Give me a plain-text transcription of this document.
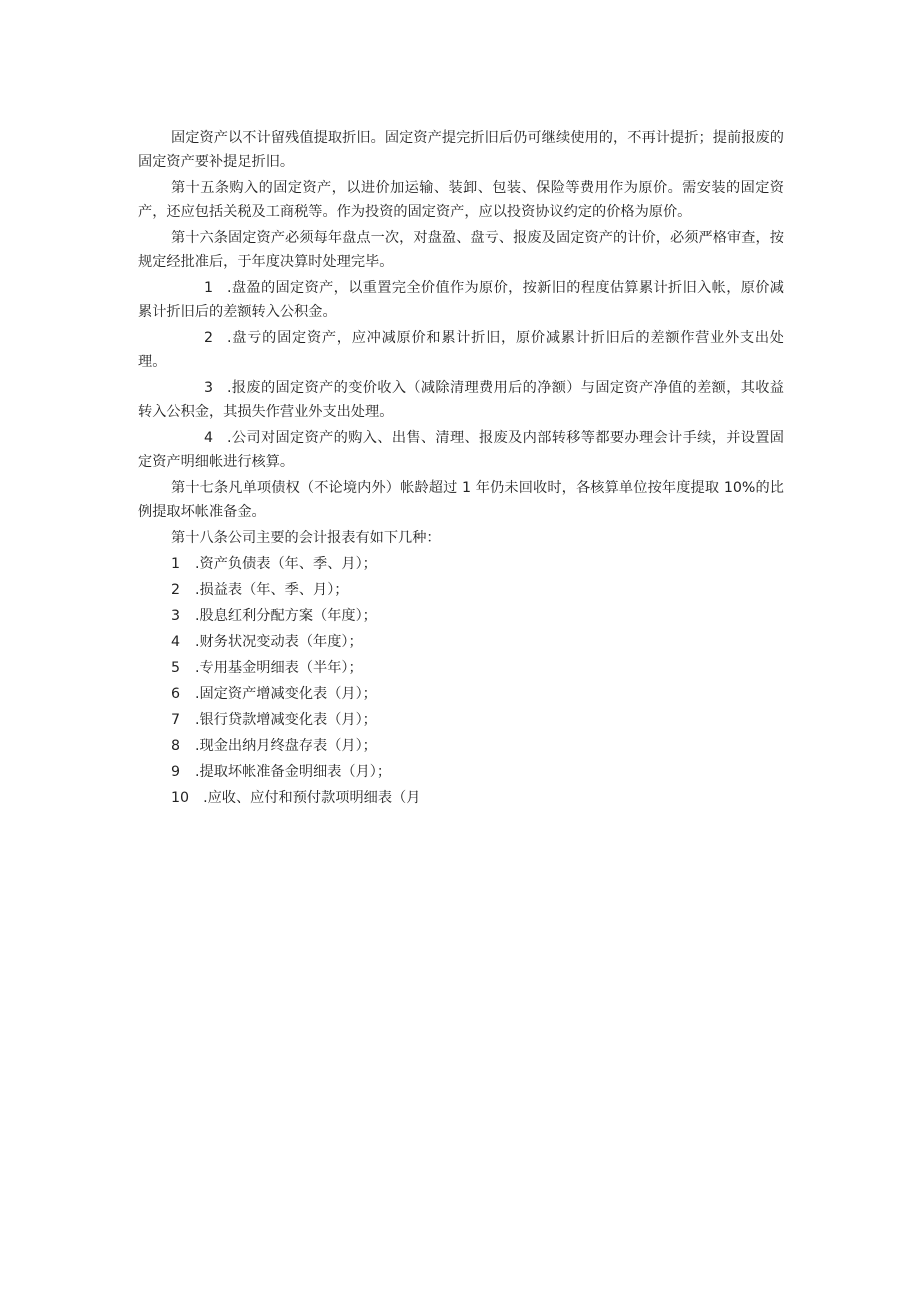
固定资产以不计留残值提取折旧。固定资产提完折旧后仍可继续使用的，不再计提折；提前报废的固定资产要补提足折旧。

第十五条购入的固定资产，以进价加运输、装卸、包装、保险等费用作为原价。需安装的固定资产，还应包括关税及工商税等。作为投资的固定资产，应以投资协议约定的价格为原价。

第十六条固定资产必须每年盘点一次，对盘盈、盘亏、报废及固定资产的计价，必须严格审查，按规定经批准后，于年度决算时处理完毕。

1 .盘盈的固定资产，以重置完全价值作为原价，按新旧的程度估算累计折旧入帐，原价减累计折旧后的差额转入公积金。

2 .盘亏的固定资产，应冲减原价和累计折旧，原价减累计折旧后的差额作营业外支出处理。

3 .报废的固定资产的变价收入（减除清理费用后的净额）与固定资产净值的差额，其收益转入公积金，其损失作营业外支出处理。

4 .公司对固定资产的购入、出售、清理、报废及内部转移等都要办理会计手续，并设置固定资产明细帐进行核算。

第十七条凡单项债权（不论境内外）帐龄超过 1 年仍未回收时，各核算单位按年度提取 10%的比例提取坏帐准备金。

第十八条公司主要的会计报表有如下几种：

1 .资产负债表（年、季、月）；

2 .损益表（年、季、月）；

3 .股息红利分配方案（年度）；

4 .财务状况变动表（年度）；

5 .专用基金明细表（半年）；

6 .固定资产增减变化表（月）；

7 .银行贷款增减变化表（月）；

8 .现金出纳月终盘存表（月）；

9 .提取坏帐准备金明细表（月）；

10 .应收、应付和预付款项明细表（月
